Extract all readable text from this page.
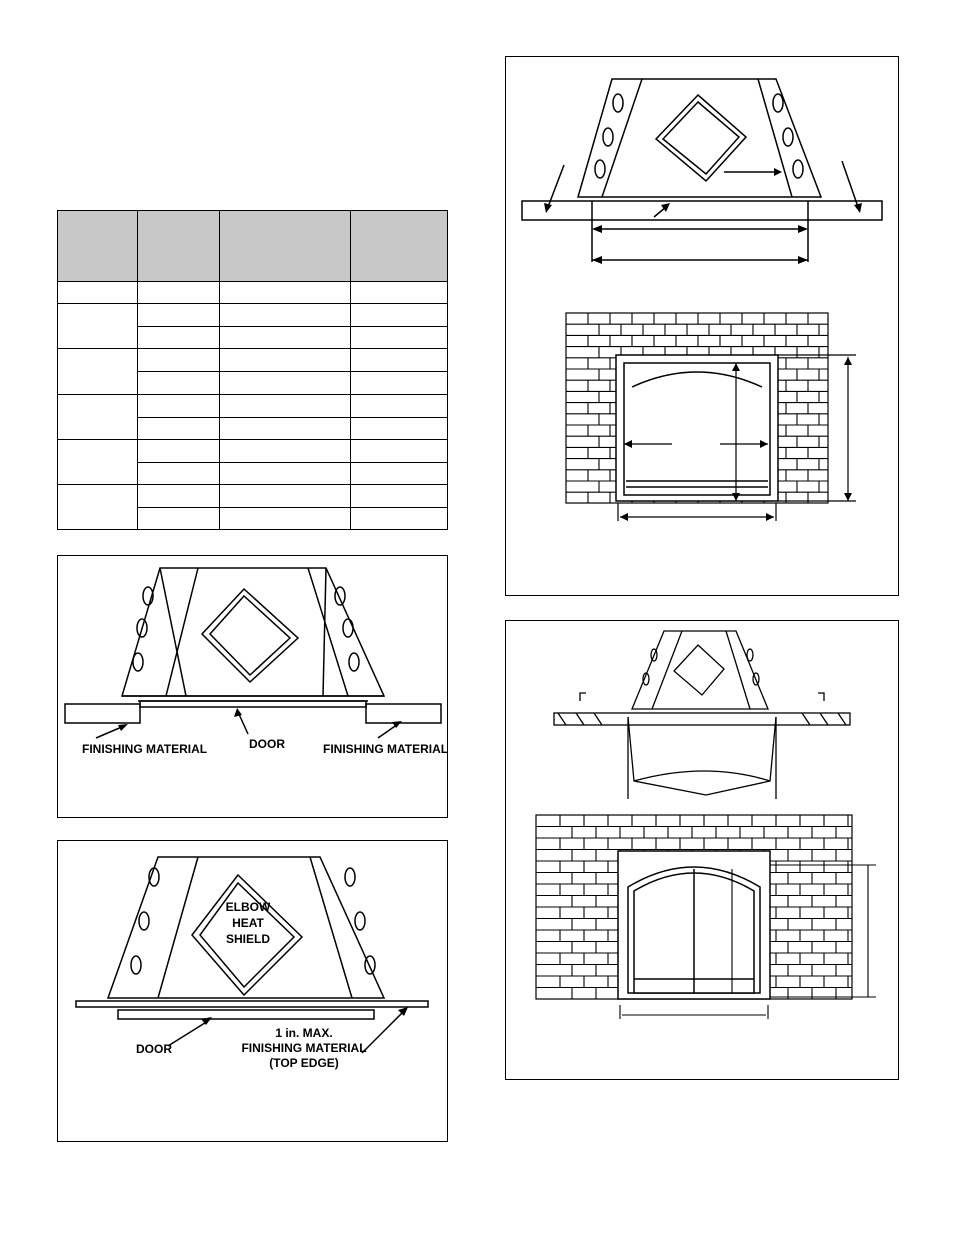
FINISHING MATERIAL	DOOR	FINISHING MATERIAL
ELBOW
HEAT
SHIELD
DOOR
1 in. MAX.
FINISHING MATERIAL
(TOP EDGE)
